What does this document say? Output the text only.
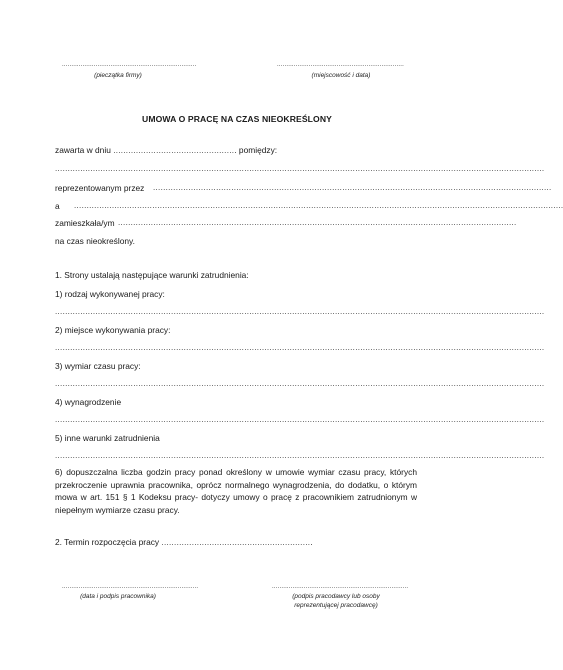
........................................................................
(pieczątka firmy)
....................................................................
(miejscowość i data)
UMOWA O PRACĘ NA CZAS NIEOKREŚLONY
zawarta w dniu ................................................. pomiędzy:
..................................................................................................................................................................................................
reprezentowanym przez ..............................................................................................................................................................
a ..................................................................................................................................................................................................
zamieszkała/ym ..............................................................................................................................................................
na czas nieokreślony.
1. Strony ustalają następujące warunki zatrudnienia:
1) rodzaj wykonywanej pracy:
..................................................................................................................................................................................................
2) miejsce wykonywania pracy:
..................................................................................................................................................................................................
3) wymiar czasu pracy:
..................................................................................................................................................................................................
4) wynagrodzenie
..................................................................................................................................................................................................
5) inne warunki zatrudnienia
..................................................................................................................................................................................................
6) dopuszczalna liczba godzin pracy ponad określony w umowie wymiar czasu pracy, których przekroczenie uprawnia pracownika, oprócz normalnego wynagrodzenia, do dodatku, o którym mowa w art. 151 § 1 Kodeksu pracy- dotyczy umowy o pracę z pracownikiem zatrudnionym w niepełnym wymiarze czasu pracy.
2. Termin rozpoczęcia pracy ............................................................
.........................................................................
(data i podpis pracownika)
.........................................................................
(podpis pracodawcy lub osoby
reprezentującej pracodawcę)
